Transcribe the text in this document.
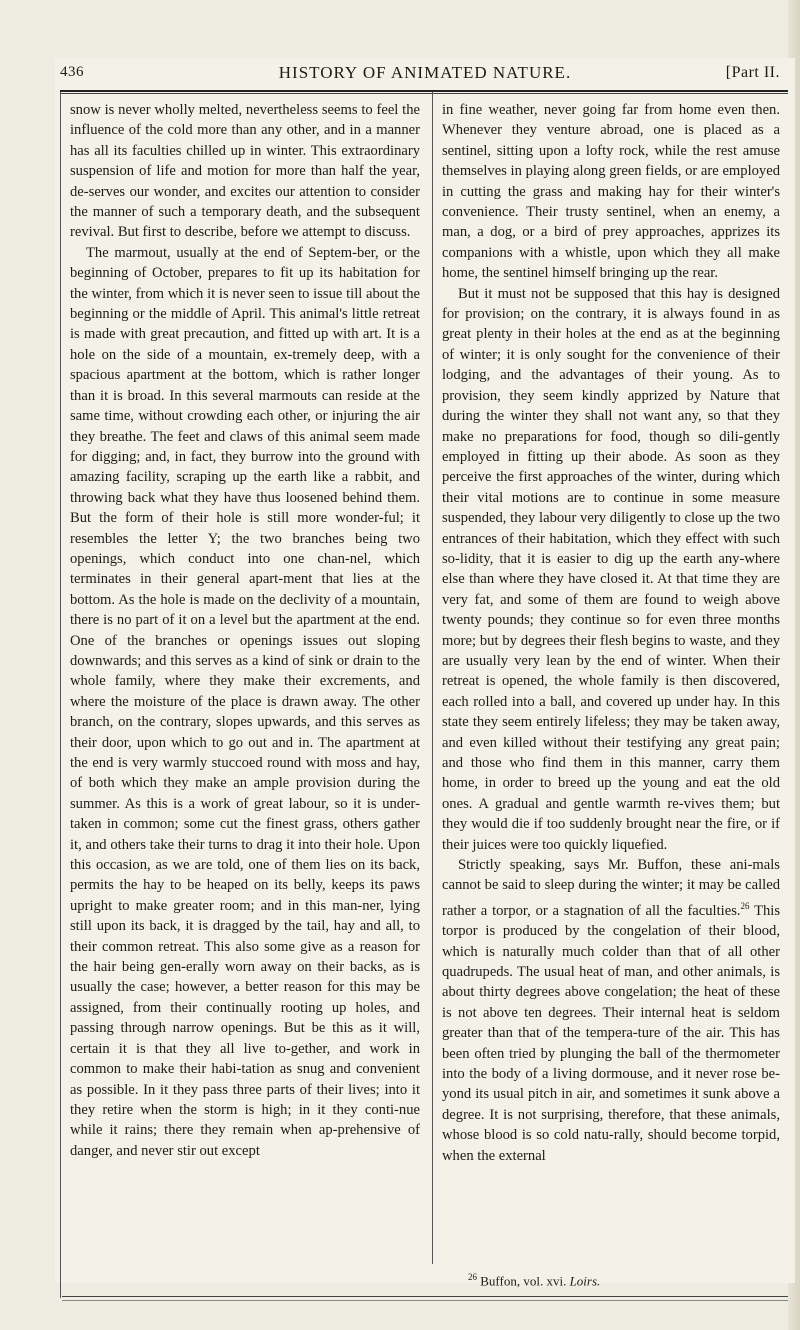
436	HISTORY OF ANIMATED NATURE.	[Part II.

snow is never wholly melted, nevertheless seems to feel the influence of the cold more than any other, and in a manner has all its faculties chilled up in winter. This extraordinary suspension of life and motion for more than half the year, de-serves our wonder, and excites our attention to consider the manner of such a temporary death, and the subsequent revival. But first to describe, before we attempt to discuss.

The marmout, usually at the end of Septem-ber, or the beginning of October, prepares to fit up its habitation for the winter, from which it is never seen to issue till about the beginning or the middle of April. This animal's little retreat is made with great precaution, and fitted up with art. It is a hole on the side of a mountain, ex-tremely deep, with a spacious apartment at the bottom, which is rather longer than it is broad. In this several marmouts can reside at the same time, without crowding each other, or injuring the air they breathe. The feet and claws of this animal seem made for digging; and, in fact, they burrow into the ground with amazing facility, scraping up the earth like a rabbit, and throwing back what they have thus loosened behind them. But the form of their hole is still more wonder-ful; it resembles the letter Y; the two branches being two openings, which conduct into one chan-nel, which terminates in their general apart-ment that lies at the bottom. As the hole is made on the declivity of a mountain, there is no part of it on a level but the apartment at the end. One of the branches or openings issues out sloping downwards; and this serves as a kind of sink or drain to the whole family, where they make their excrements, and where the moisture of the place is drawn away. The other branch, on the contrary, slopes upwards, and this serves as their door, upon which to go out and in. The apartment at the end is very warmly stuccoed round with moss and hay, of both which they make an ample provision during the summer. As this is a work of great labour, so it is under-taken in common; some cut the finest grass, others gather it, and others take their turns to drag it into their hole. Upon this occasion, as we are told, one of them lies on its back, permits the hay to be heaped on its belly, keeps its paws upright to make greater room; and in this man-ner, lying still upon its back, it is dragged by the tail, hay and all, to their common retreat. This also some give as a reason for the hair being gen-erally worn away on their backs, as is usually the case; however, a better reason for this may be assigned, from their continually rooting up holes, and passing through narrow openings. But be this as it will, certain it is that they all live to-gether, and work in common to make their habi-tation as snug and convenient as possible. In it they pass three parts of their lives; into it they retire when the storm is high; in it they conti-nue while it rains; there they remain when ap-prehensive of danger, and never stir out except

in fine weather, never going far from home even then. Whenever they venture abroad, one is placed as a sentinel, sitting upon a lofty rock, while the rest amuse themselves in playing along green fields, or are employed in cutting the grass and making hay for their winter's convenience. Their trusty sentinel, when an enemy, a man, a dog, or a bird of prey approaches, apprizes its companions with a whistle, upon which they all make home, the sentinel himself bringing up the rear.

But it must not be supposed that this hay is designed for provision; on the contrary, it is always found in as great plenty in their holes at the end as at the beginning of winter; it is only sought for the convenience of their lodging, and the advantages of their young. As to provision, they seem kindly apprized by Nature that during the winter they shall not want any, so that they make no preparations for food, though so dili-gently employed in fitting up their abode. As soon as they perceive the first approaches of the winter, during which their vital motions are to continue in some measure suspended, they labour very diligently to close up the two entrances of their habitation, which they effect with such so-lidity, that it is easier to dig up the earth any-where else than where they have closed it. At that time they are very fat, and some of them are found to weigh above twenty pounds; they continue so for even three months more; but by degrees their flesh begins to waste, and they are usually very lean by the end of winter. When their retreat is opened, the whole family is then discovered, each rolled into a ball, and covered up under hay. In this state they seem entirely lifeless; they may be taken away, and even killed without their testifying any great pain; and those who find them in this manner, carry them home, in order to breed up the young and eat the old ones. A gradual and gentle warmth re-vives them; but they would die if too suddenly brought near the fire, or if their juices were too quickly liquefied.

Strictly speaking, says Mr. Buffon, these ani-mals cannot be said to sleep during the winter; it may be called rather a torpor, or a stagnation of all the faculties.$^{26}$ This torpor is produced by the congelation of their blood, which is naturally much colder than that of all other quadrupeds. The usual heat of man, and other animals, is about thirty degrees above congelation; the heat of these is not above ten degrees. Their internal heat is seldom greater than that of the tempera-ture of the air. This has been often tried by plunging the ball of the thermometer into the body of a living dormouse, and it never rose be-yond its usual pitch in air, and sometimes it sunk above a degree. It is not surprising, therefore, that these animals, whose blood is so cold natu-rally, should become torpid, when the external

$^{26}$ Buffon, vol. xvi. Loirs.
